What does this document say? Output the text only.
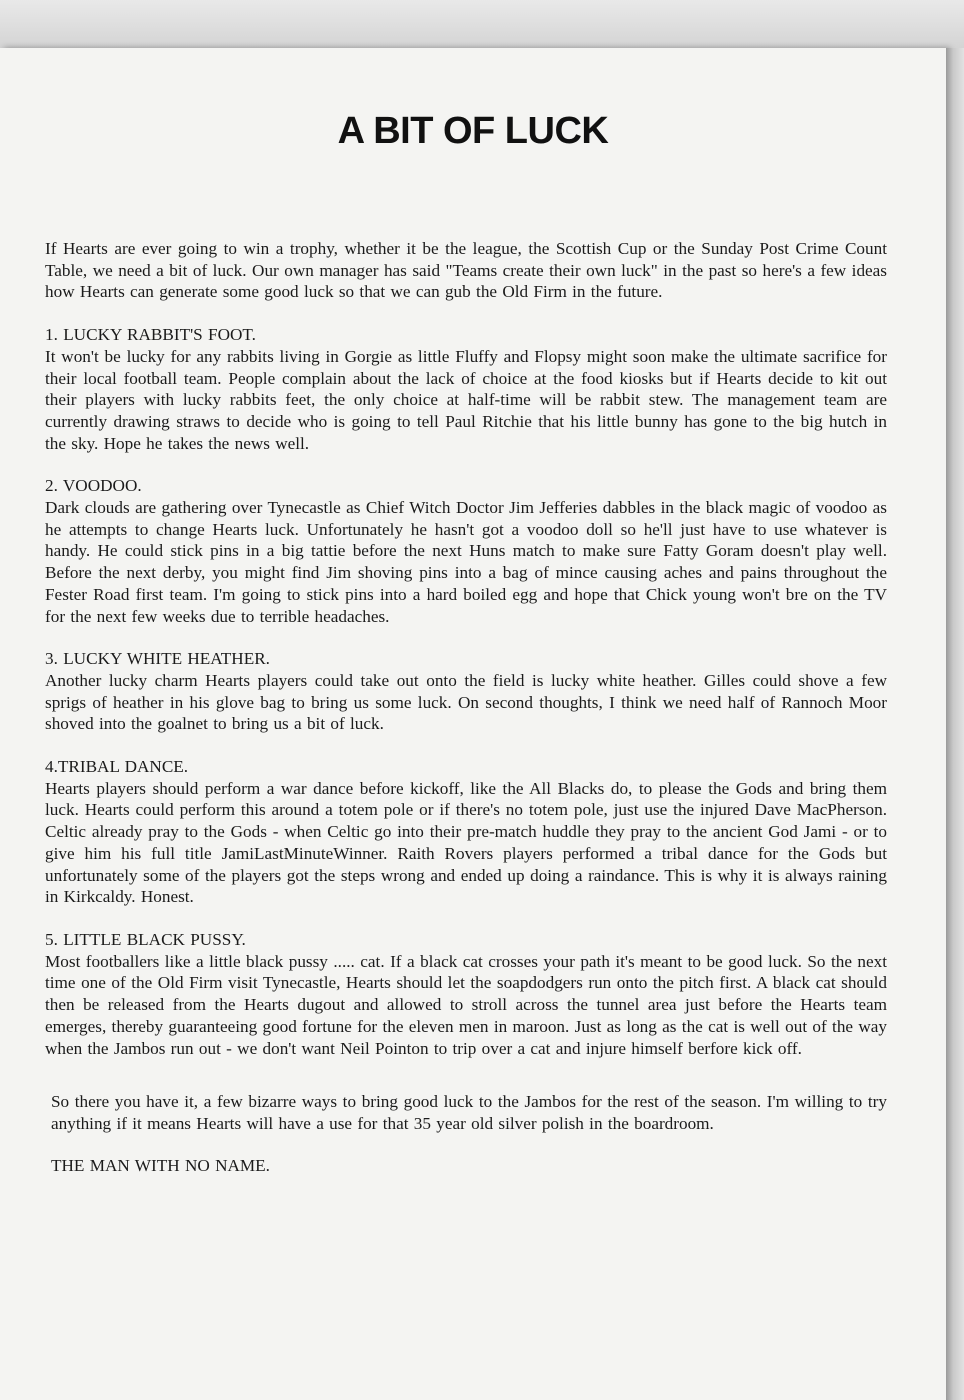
A BIT OF LUCK

If Hearts are ever going to win a trophy, whether it be the league, the Scottish Cup or the Sunday Post Crime Count Table, we need a bit of luck. Our own manager has said "Teams create their own luck" in the past so here's a few ideas how Hearts can generate some good luck so that we can gub the Old Firm in the future.

1. LUCKY RABBIT'S FOOT.

It won't be lucky for any rabbits living in Gorgie as little Fluffy and Flopsy might soon make the ultimate sacrifice for their local football team. People complain about the lack of choice at the food kiosks but if Hearts decide to kit out their players with lucky rabbits feet, the only choice at half-time will be rabbit stew. The management team are currently drawing straws to decide who is going to tell Paul Ritchie that his little bunny has gone to the big hutch in the sky. Hope he takes the news well.

2. VOODOO.

Dark clouds are gathering over Tynecastle as Chief Witch Doctor Jim Jefferies dabbles in the black magic of voodoo as he attempts to change Hearts luck. Unfortunately he hasn't got a voodoo doll so he'll just have to use whatever is handy. He could stick pins in a big tattie before the next Huns match to make sure Fatty Goram doesn't play well. Before the next derby, you might find Jim shoving pins into a bag of mince causing aches and pains throughout the Fester Road first team. I'm going to stick pins into a hard boiled egg and hope that Chick young won't bre on the TV for the next few weeks due to terrible headaches.

3. LUCKY WHITE HEATHER.

Another lucky charm Hearts players could take out onto the field is lucky white heather. Gilles could shove a few sprigs of heather in his glove bag to bring us some luck. On second thoughts, I think we need half of Rannoch Moor shoved into the goalnet to bring us a bit of luck.

4.TRIBAL DANCE.

Hearts players should perform a war dance before kickoff, like the All Blacks do, to please the Gods and bring them luck. Hearts could perform this around a totem pole or if there's no totem pole, just use the injured Dave MacPherson. Celtic already pray to the Gods - when Celtic go into their pre-match huddle they pray to the ancient God Jami - or to give him his full title JamiLastMinuteWinner. Raith Rovers players performed a tribal dance for the Gods but unfortunately some of the players got the steps wrong and ended up doing a raindance. This is why it is always raining in Kirkcaldy. Honest.

5. LITTLE BLACK PUSSY.

Most footballers like a little black pussy ..... cat. If a black cat crosses your path it's meant to be good luck. So the next time one of the Old Firm visit Tynecastle, Hearts should let the soapdodgers run onto the pitch first. A black cat should then be released from the Hearts dugout and allowed to stroll across the tunnel area just before the Hearts team emerges, thereby guaranteeing good fortune for the eleven men in maroon. Just as long as the cat is well out of the way when the Jambos run out - we don't want Neil Pointon to trip over a cat and injure himself berfore kick off.

So there you have it, a few bizarre ways to bring good luck to the Jambos for the rest of the season. I'm willing to try anything if it means Hearts will have a use for that 35 year old silver polish in the boardroom.

THE MAN WITH NO NAME.
